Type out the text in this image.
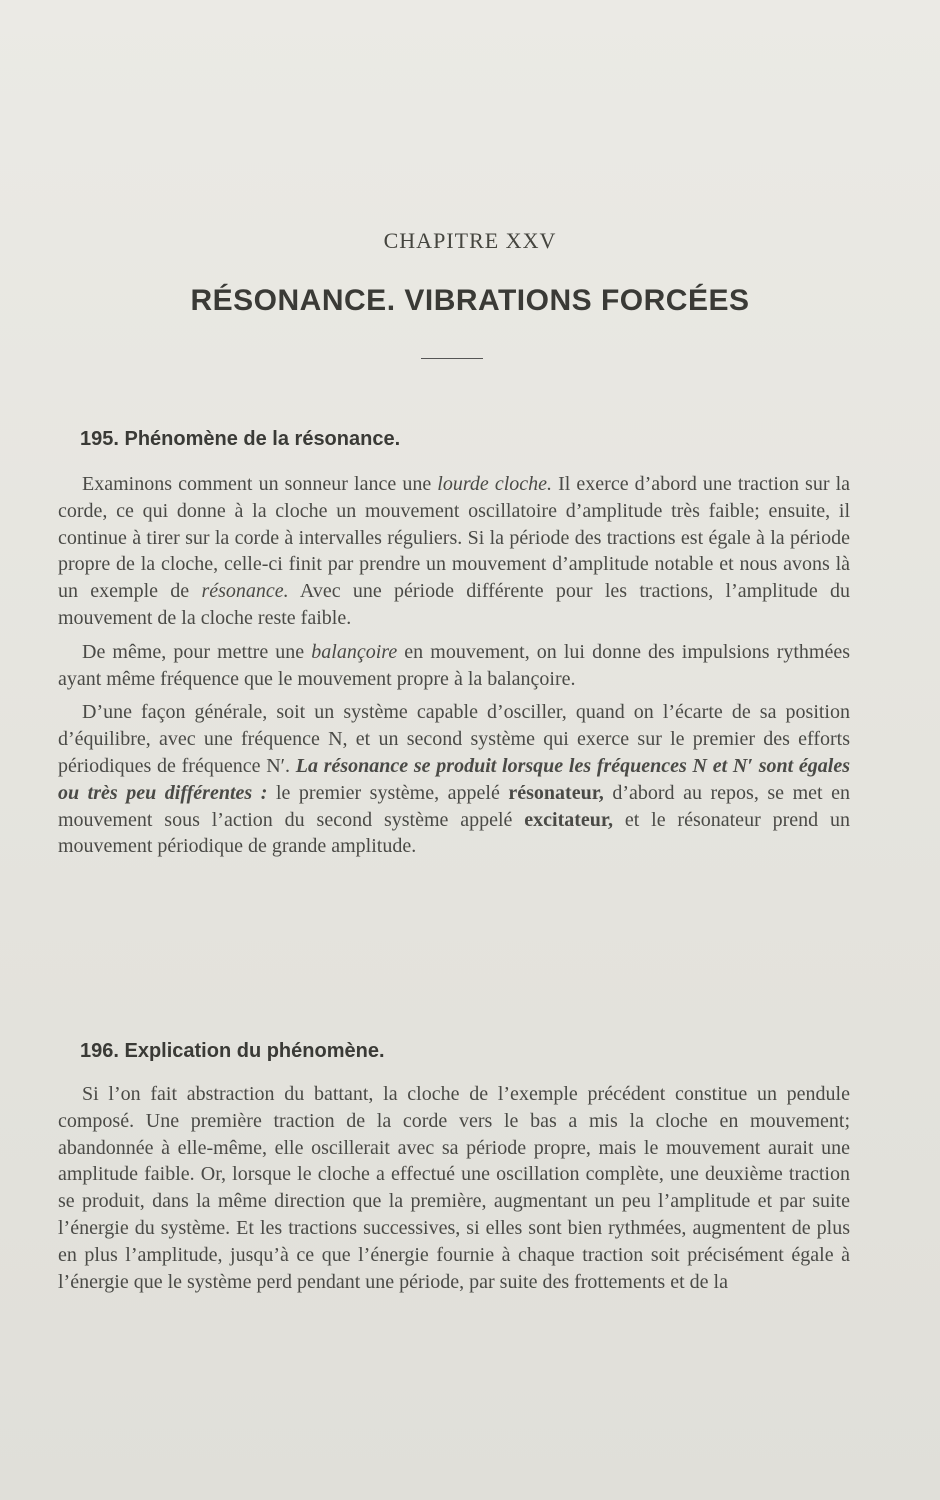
CHAPITRE XXV
RÉSONANCE. VIBRATIONS FORCÉES
195. Phénomène de la résonance.

Examinons comment un sonneur lance une lourde cloche. Il exerce d’abord une traction sur la corde, ce qui donne à la cloche un mouvement oscillatoire d’amplitude très faible; ensuite, il continue à tirer sur la corde à intervalles réguliers. Si la période des tractions est égale à la période propre de la cloche, celle-ci finit par prendre un mouvement d’amplitude notable et nous avons là un exemple de résonance. Avec une période différente pour les tractions, l’amplitude du mouvement de la cloche reste faible.

De même, pour mettre une balançoire en mouvement, on lui donne des impulsions rythmées ayant même fréquence que le mouvement propre à la balançoire.

D’une façon générale, soit un système capable d’osciller, quand on l’écarte de sa position d’équilibre, avec une fréquence N, et un second système qui exerce sur le premier des efforts périodiques de fréquence N′. La résonance se produit lorsque les fréquences N et N′ sont égales ou très peu différentes : le premier système, appelé résonateur, d’abord au repos, se met en mouvement sous l’action du second système appelé excitateur, et le résonateur prend un mouvement périodique de grande amplitude.

196. Explication du phénomène.

Si l’on fait abstraction du battant, la cloche de l’exemple précédent constitue un pendule composé. Une première traction de la corde vers le bas a mis la cloche en mouvement; abandonnée à elle-même, elle oscillerait avec sa période propre, mais le mouvement aurait une amplitude faible. Or, lorsque le cloche a effectué une oscillation complète, une deuxième traction se produit, dans la même direction que la première, augmentant un peu l’amplitude et par suite l’énergie du système. Et les tractions successives, si elles sont bien rythmées, augmentent de plus en plus l’amplitude, jusqu’à ce que l’énergie fournie à chaque traction soit précisément égale à l’énergie que le système perd pendant une période, par suite des frottements et de la
